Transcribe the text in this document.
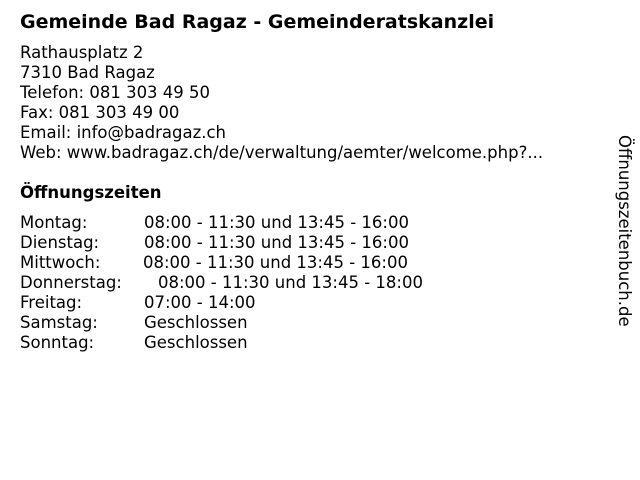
Gemeinde Bad Ragaz - Gemeinderatskanzlei
Rathausplatz 2
7310 Bad Ragaz
Telefon: 081 303 49 50
Fax: 081 303 49 00
Email: info@badragaz.ch
Web: www.badragaz.ch/de/verwaltung/aemter/welcome.php?...
Öffnungszeiten
Montag:	08:00 - 11:30 und 13:45 - 16:00
Dienstag:	08:00 - 11:30 und 13:45 - 16:00
Mittwoch:	08:00 - 11:30 und 13:45 - 16:00
Donnerstag: 08:00 - 11:30 und 13:45 - 18:00
Freitag:	07:00 - 14:00
Samstag:	Geschlossen
Sonntag:	Geschlossen
Öffnungszeitenbuch.de
